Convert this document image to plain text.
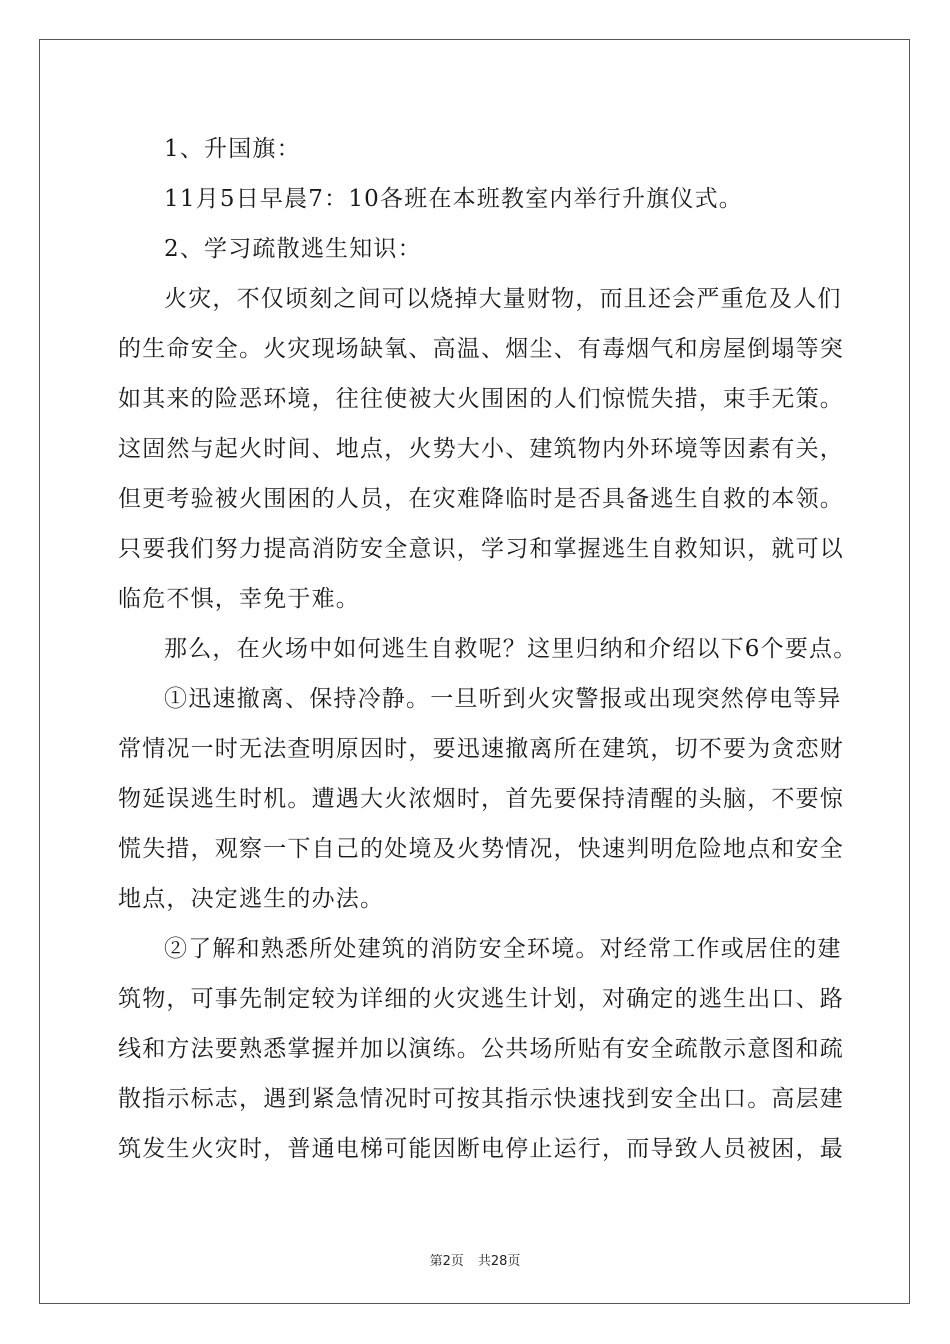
1、升国旗：
11月5日早晨7：10各班在本班教室内举行升旗仪式。
2、学习疏散逃生知识：
火灾，不仅顷刻之间可以烧掉大量财物，而且还会严重危及人们
的生命安全。火灾现场缺氧、高温、烟尘、有毒烟气和房屋倒塌等突
如其来的险恶环境，往往使被大火围困的人们惊慌失措，束手无策。
这固然与起火时间、地点，火势大小、建筑物内外环境等因素有关，
但更考验被火围困的人员，在灾难降临时是否具备逃生自救的本领。
只要我们努力提高消防安全意识，学习和掌握逃生自救知识，就可以
临危不惧，幸免于难。
那么，在火场中如何逃生自救呢？这里归纳和介绍以下6个要点。
①迅速撤离、保持冷静。一旦听到火灾警报或出现突然停电等异
常情况一时无法查明原因时，要迅速撤离所在建筑，切不要为贪恋财
物延误逃生时机。遭遇大火浓烟时，首先要保持清醒的头脑，不要惊
慌失措，观察一下自己的处境及火势情况，快速判明危险地点和安全
地点，决定逃生的办法。
②了解和熟悉所处建筑的消防安全环境。对经常工作或居住的建
筑物，可事先制定较为详细的火灾逃生计划，对确定的逃生出口、路
线和方法要熟悉掌握并加以演练。公共场所贴有安全疏散示意图和疏
散指示标志，遇到紧急情况时可按其指示快速找到安全出口。高层建
筑发生火灾时，普通电梯可能因断电停止运行，而导致人员被困，最
第2页 共28页
